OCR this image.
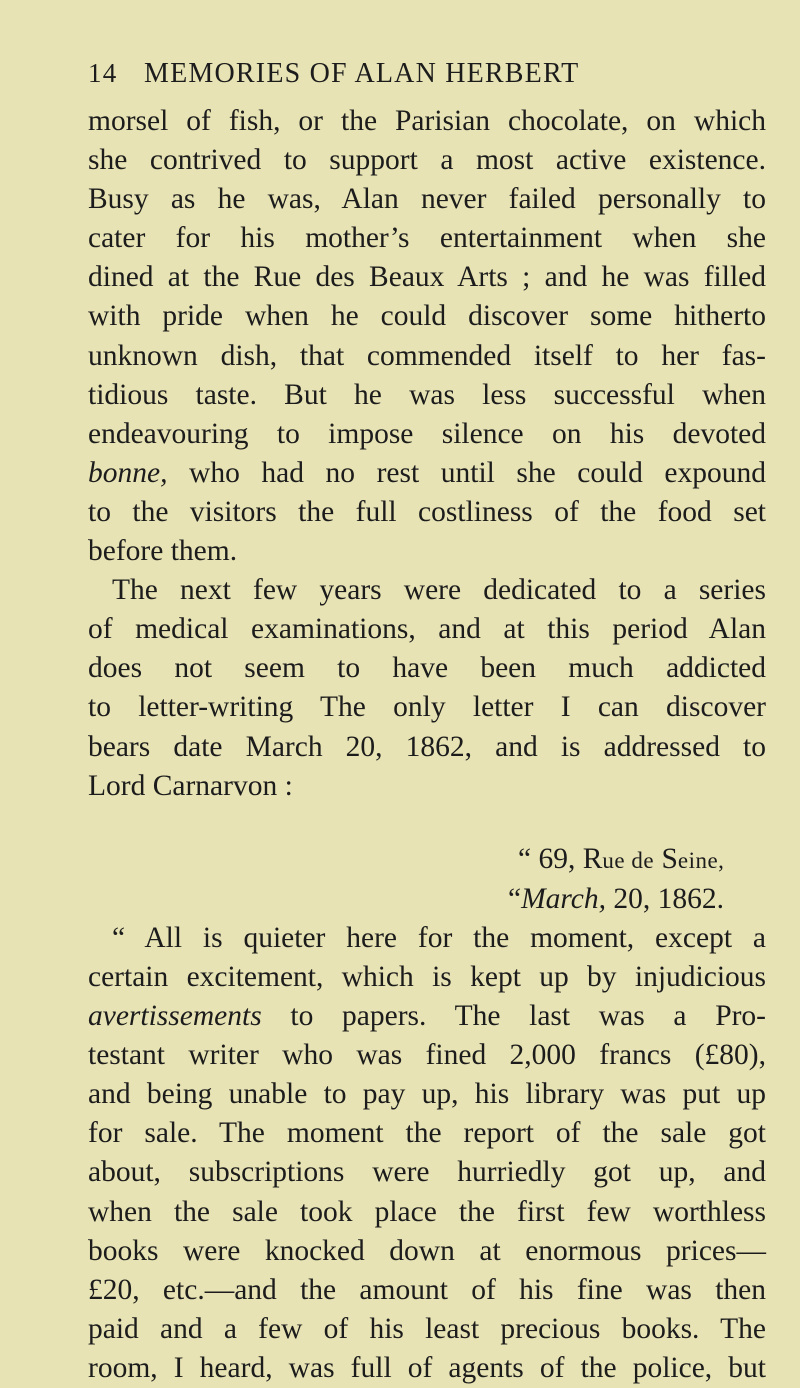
14 MEMORIES OF ALAN HERBERT
morsel of fish, or the Parisian chocolate, on which
she contrived to support a most active existence.
Busy as he was, Alan never failed personally to
cater for his mother’s entertainment when she
dined at the Rue des Beaux Arts ; and he was filled
with pride when he could discover some hitherto
unknown dish, that commended itself to her fas-
tidious taste. But he was less successful when
endeavouring to impose silence on his devoted
bonne, who had no rest until she could expound
to the visitors the full costliness of the food set
before them.
The next few years were dedicated to a series
of medical examinations, and at this period Alan
does not seem to have been much addicted
to letter-writing The only letter I can discover
bears date March 20, 1862, and is addressed to
Lord Carnarvon :
“ 69, Rue de Seine,
“March, 20, 1862.
“ All is quieter here for the moment, except a
certain excitement, which is kept up by injudicious
avertissements to papers. The last was a Pro-
testant writer who was fined 2,000 francs (£80),
and being unable to pay up, his library was put up
for sale. The moment the report of the sale got
about, subscriptions were hurriedly got up, and
when the sale took place the first few worthless
books were knocked down at enormous prices—
£20, etc.—and the amount of his fine was then
paid and a few of his least precious books. The
room, I heard, was full of agents of the police, but
